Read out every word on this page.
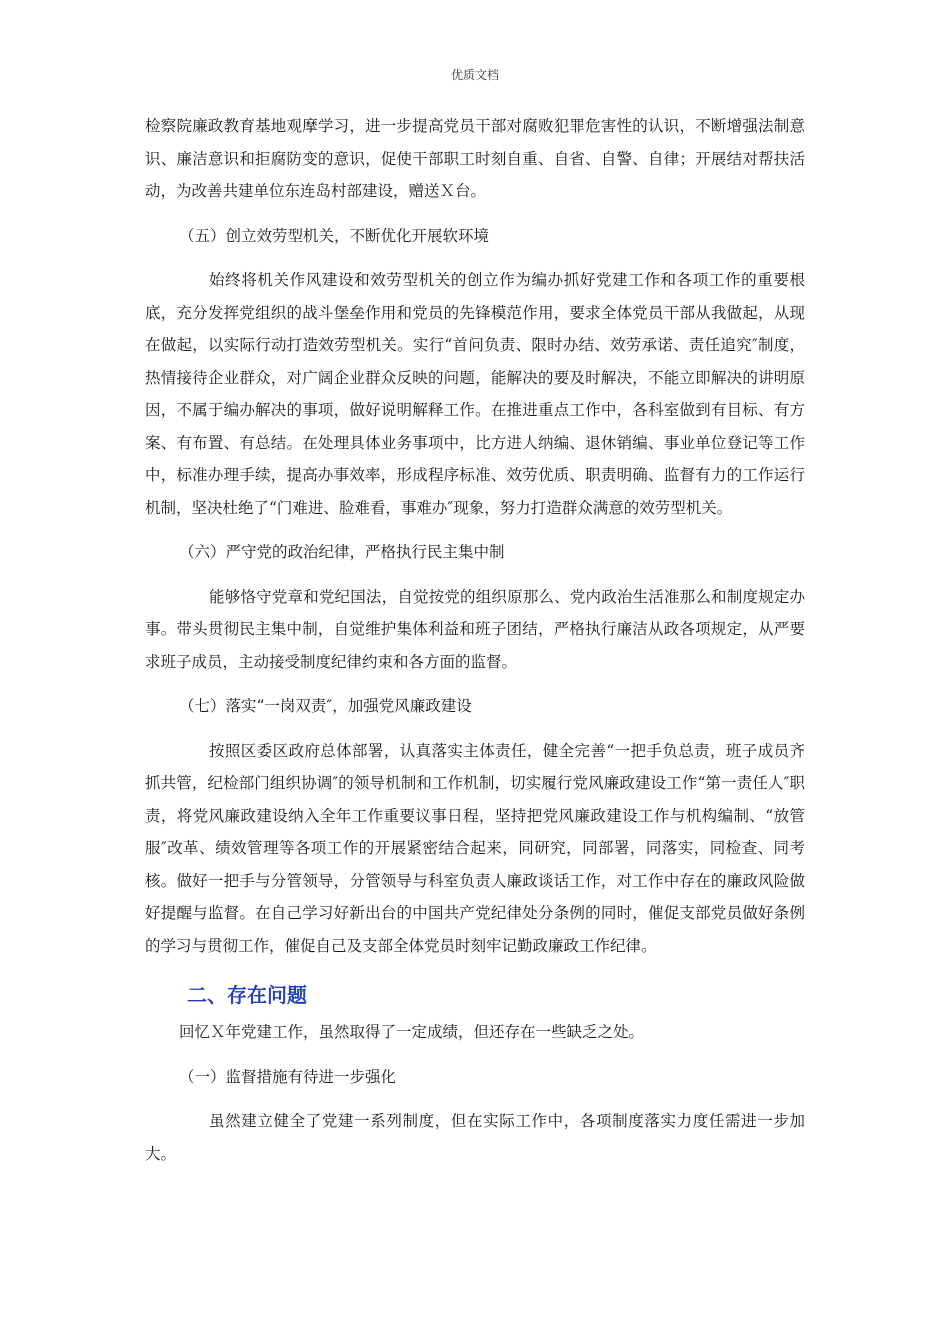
优质文档

检察院廉政教育基地观摩学习，进一步提高党员干部对腐败犯罪危害性的认识，不断增强法制意识、廉洁意识和拒腐防变的意识，促使干部职工时刻自重、自省、自警、自律；开展结对帮扶活动，为改善共建单位东连岛村部建设，赠送Ｘ台。

（五）创立效劳型机关，不断优化开展软环境

始终将机关作风建设和效劳型机关的创立作为编办抓好党建工作和各项工作的重要根底，充分发挥党组织的战斗堡垒作用和党员的先锋模范作用，要求全体党员干部从我做起，从现在做起，以实际行动打造效劳型机关。实行“首问负责、限时办结、效劳承诺、责任追究″制度，热情接待企业群众，对广阔企业群众反映的问题，能解决的要及时解决，不能立即解决的讲明原因，不属于编办解决的事项，做好说明解释工作。在推进重点工作中，各科室做到有目标、有方案、有布置、有总结。在处理具体业务事项中，比方进人纳编、退休销编、事业单位登记等工作中，标准办理手续，提高办事效率，形成程序标准、效劳优质、职责明确、监督有力的工作运行机制，坚决杜绝了“门难进、脸难看，事难办″现象，努力打造群众满意的效劳型机关。

（六）严守党的政治纪律，严格执行民主集中制

能够恪守党章和党纪国法，自觉按党的组织原那么、党内政治生活准那么和制度规定办事。带头贯彻民主集中制，自觉维护集体利益和班子团结，严格执行廉洁从政各项规定，从严要求班子成员，主动接受制度纪律约束和各方面的监督。

（七）落实“一岗双责″，加强党风廉政建设

按照区委区政府总体部署，认真落实主体责任，健全完善“一把手负总责，班子成员齐抓共管，纪检部门组织协调″的领导机制和工作机制，切实履行党风廉政建设工作“第一责任人″职责，将党风廉政建设纳入全年工作重要议事日程，坚持把党风廉政建设工作与机构编制、“放管服″改革、绩效管理等各项工作的开展紧密结合起来，同研究，同部署，同落实，同检查、同考核。做好一把手与分管领导，分管领导与科室负责人廉政谈话工作，对工作中存在的廉政风险做好提醒与监督。在自己学习好新出台的中国共产党纪律处分条例的同时，催促支部党员做好条例的学习与贯彻工作，催促自己及支部全体党员时刻牢记勤政廉政工作纪律。

二、存在问题

回忆Ｘ年党建工作，虽然取得了一定成绩，但还存在一些缺乏之处。

（一）监督措施有待进一步强化

虽然建立健全了党建一系列制度，但在实际工作中，各项制度落实力度任需进一步加大。
